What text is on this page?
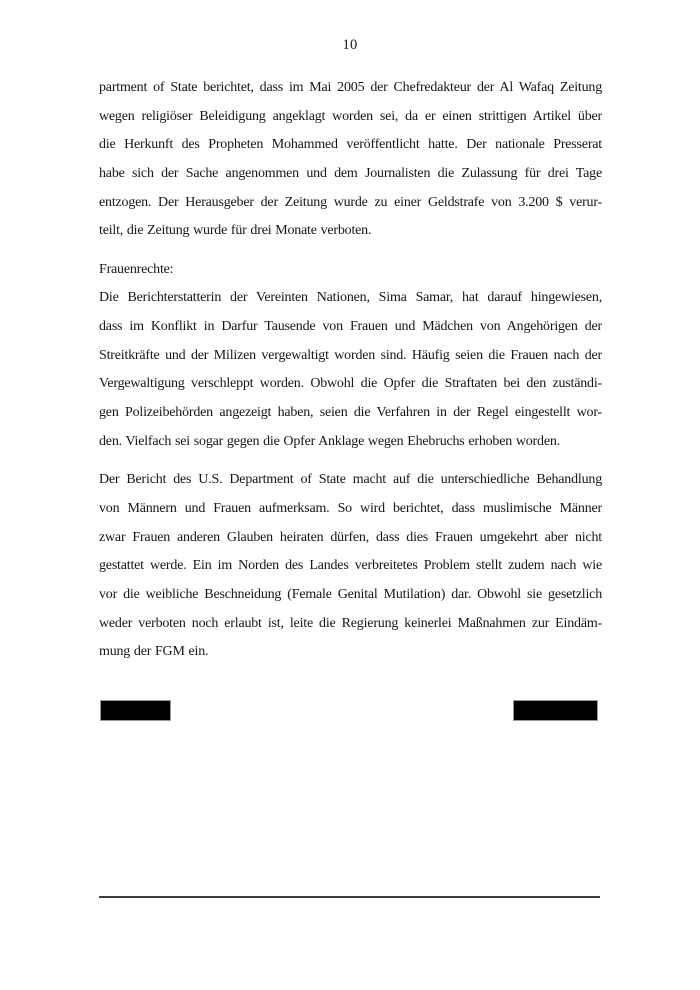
10
partment of State berichtet, dass im Mai 2005 der Chefredakteur der Al Wafaq Zeitung
wegen religiöser Beleidigung angeklagt worden sei, da er einen strittigen Artikel über
die Herkunft des Propheten Mohammed veröffentlicht hatte. Der nationale Presserat
habe sich der Sache angenommen und dem Journalisten die Zulassung für drei Tage
entzogen. Der Herausgeber der Zeitung wurde zu einer Geldstrafe von 3.200 $ verur-
teilt, die Zeitung wurde für drei Monate verboten.
Frauenrechte:
Die Berichterstatterin der Vereinten Nationen, Sima Samar, hat darauf hingewiesen,
dass im Konflikt in Darfur Tausende von Frauen und Mädchen von Angehörigen der
Streitkräfte und der Milizen vergewaltigt worden sind. Häufig seien die Frauen nach der
Vergewaltigung verschleppt worden. Obwohl die Opfer die Straftaten bei den zuständi-
gen Polizeibehörden angezeigt haben, seien die Verfahren in der Regel eingestellt wor-
den. Vielfach sei sogar gegen die Opfer Anklage wegen Ehebruchs erhoben worden.
Der Bericht des U.S. Department of State macht auf die unterschiedliche Behandlung
von Männern und Frauen aufmerksam. So wird berichtet, dass muslimische Männer
zwar Frauen anderen Glauben heiraten dürfen, dass dies Frauen umgekehrt aber nicht
gestattet werde. Ein im Norden des Landes verbreitetes Problem stellt zudem nach wie
vor die weibliche Beschneidung (Female Genital Mutilation) dar. Obwohl sie gesetzlich
weder verboten noch erlaubt ist, leite die Regierung keinerlei Maßnahmen zur Eindäm-
mung der FGM ein.
